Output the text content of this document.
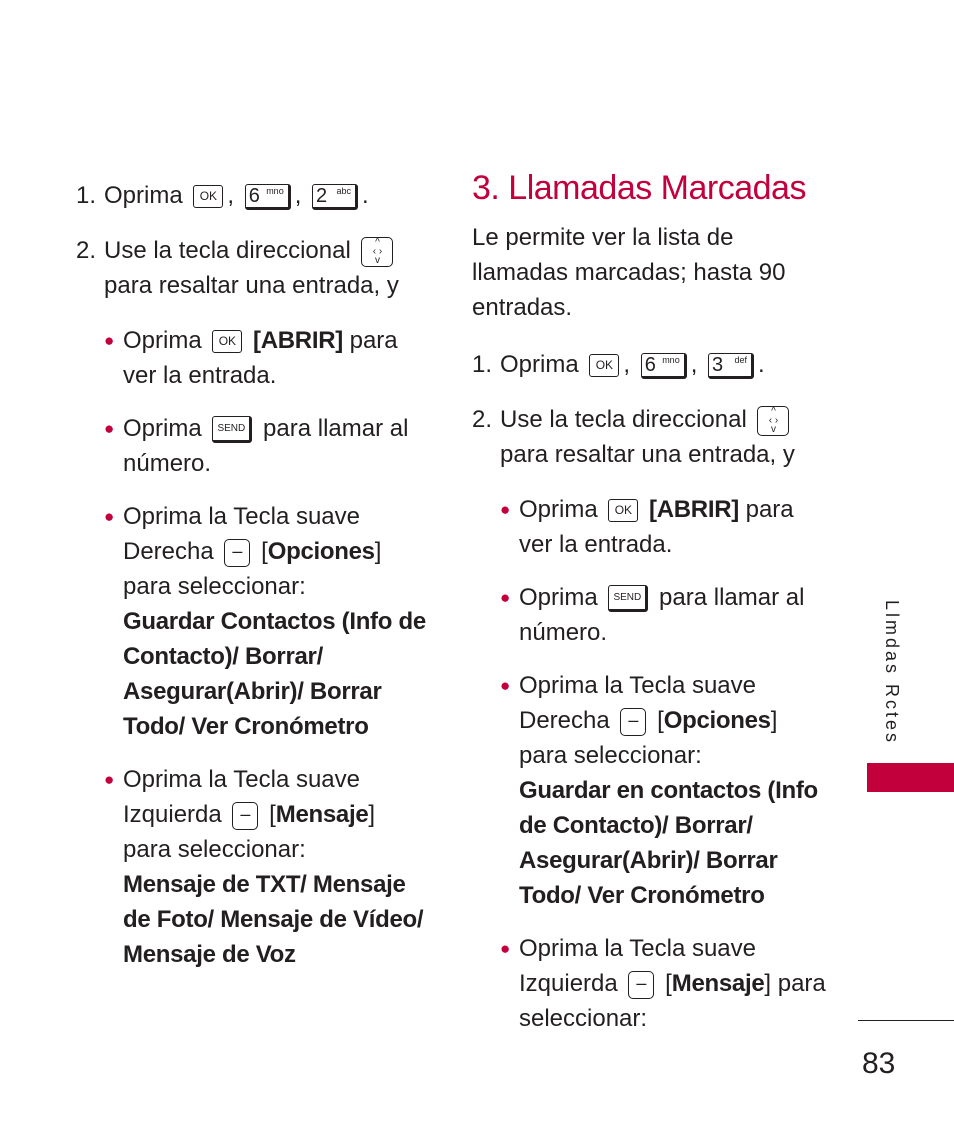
1. Oprima OK , 6 mno , 2 abc .
2. Use la tecla direccional ^
‹ ›
v para resaltar una entrada, y
● Oprima OK [ABRIR] para ver la entrada.
● Oprima SEND para llamar al número.
● Oprima la Tecla suave Derecha – [Opciones] para seleccionar:
Guardar Contactos (Info de Contacto)/ Borrar/ Asegurar(Abrir)/ Borrar Todo/ Ver Cronómetro
● Oprima la Tecla suave Izquierda – [Mensaje] para seleccionar:
Mensaje de TXT/ Mensaje de Foto/ Mensaje de Vídeo/ Mensaje de Voz
3. Llamadas Marcadas
Le permite ver la lista de llamadas marcadas; hasta 90 entradas.
1. Oprima OK , 6 mno , 3 def .
2. Use la tecla direccional ^
‹ ›
v para resaltar una entrada, y
● Oprima OK [ABRIR] para ver la entrada.
● Oprima SEND para llamar al número.
● Oprima la Tecla suave Derecha – [Opciones] para seleccionar:
Guardar en contactos (Info de Contacto)/ Borrar/ Asegurar(Abrir)/ Borrar Todo/ Ver Cronómetro
● Oprima la Tecla suave Izquierda – [Mensaje] para seleccionar:
Llmdas Rctes
83
